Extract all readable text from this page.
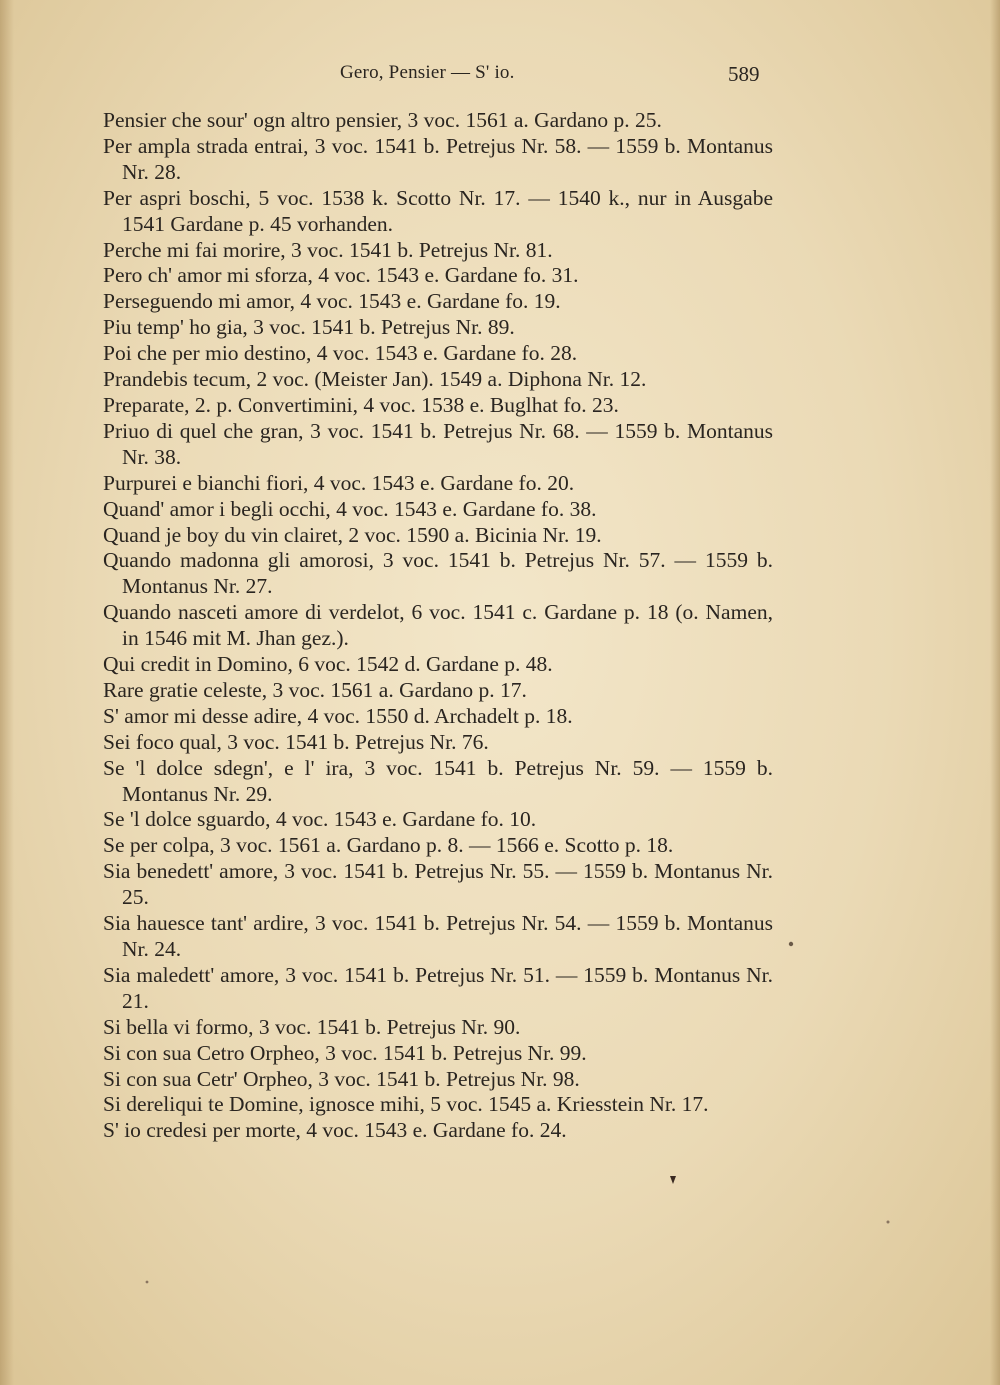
Gero, Pensier — S' io.	589
Pensier che sour' ogn altro pensier, 3 voc. 1561 a. Gardano p. 25.
Per ampla strada entrai, 3 voc. 1541 b. Petrejus Nr. 58. — 1559 b. Montanus Nr. 28.
Per aspri boschi, 5 voc. 1538 k. Scotto Nr. 17. — 1540 k., nur in Ausgabe 1541 Gardane p. 45 vorhanden.
Perche mi fai morire, 3 voc. 1541 b. Petrejus Nr. 81.
Pero ch' amor mi sforza, 4 voc. 1543 e. Gardane fo. 31.
Perseguendo mi amor, 4 voc. 1543 e. Gardane fo. 19.
Piu temp' ho gia, 3 voc. 1541 b. Petrejus Nr. 89.
Poi che per mio destino, 4 voc. 1543 e. Gardane fo. 28.
Prandebis tecum, 2 voc. (Meister Jan). 1549 a. Diphona Nr. 12.
Preparate, 2. p. Convertimini, 4 voc. 1538 e. Buglhat fo. 23.
Priuo di quel che gran, 3 voc. 1541 b. Petrejus Nr. 68. — 1559 b. Montanus Nr. 38.
Purpurei e bianchi fiori, 4 voc. 1543 e. Gardane fo. 20.
Quand' amor i begli occhi, 4 voc. 1543 e. Gardane fo. 38.
Quand je boy du vin clairet, 2 voc. 1590 a. Bicinia Nr. 19.
Quando madonna gli amorosi, 3 voc. 1541 b. Petrejus Nr. 57. — 1559 b. Montanus Nr. 27.
Quando nasceti amore di verdelot, 6 voc. 1541 c. Gardane p. 18 (o. Namen, in 1546 mit M. Jhan gez.).
Qui credit in Domino, 6 voc. 1542 d. Gardane p. 48.
Rare gratie celeste, 3 voc. 1561 a. Gardano p. 17.
S' amor mi desse adire, 4 voc. 1550 d. Archadelt p. 18.
Sei foco qual, 3 voc. 1541 b. Petrejus Nr. 76.
Se 'l dolce sdegn', e l' ira, 3 voc. 1541 b. Petrejus Nr. 59. — 1559 b. Montanus Nr. 29.
Se 'l dolce sguardo, 4 voc. 1543 e. Gardane fo. 10.
Se per colpa, 3 voc. 1561 a. Gardano p. 8. — 1566 e. Scotto p. 18.
Sia benedett' amore, 3 voc. 1541 b. Petrejus Nr. 55. — 1559 b. Montanus Nr. 25.
Sia hauesce tant' ardire, 3 voc. 1541 b. Petrejus Nr. 54. — 1559 b. Montanus Nr. 24.
Sia maledett' amore, 3 voc. 1541 b. Petrejus Nr. 51. — 1559 b. Montanus Nr. 21.
Si bella vi formo, 3 voc. 1541 b. Petrejus Nr. 90.
Si con sua Cetro Orpheo, 3 voc. 1541 b. Petrejus Nr. 99.
Si con sua Cetr' Orpheo, 3 voc. 1541 b. Petrejus Nr. 98.
Si dereliqui te Domine, ignosce mihi, 5 voc. 1545 a. Kriesstein Nr. 17.
S' io credesi per morte, 4 voc. 1543 e. Gardane fo. 24.
